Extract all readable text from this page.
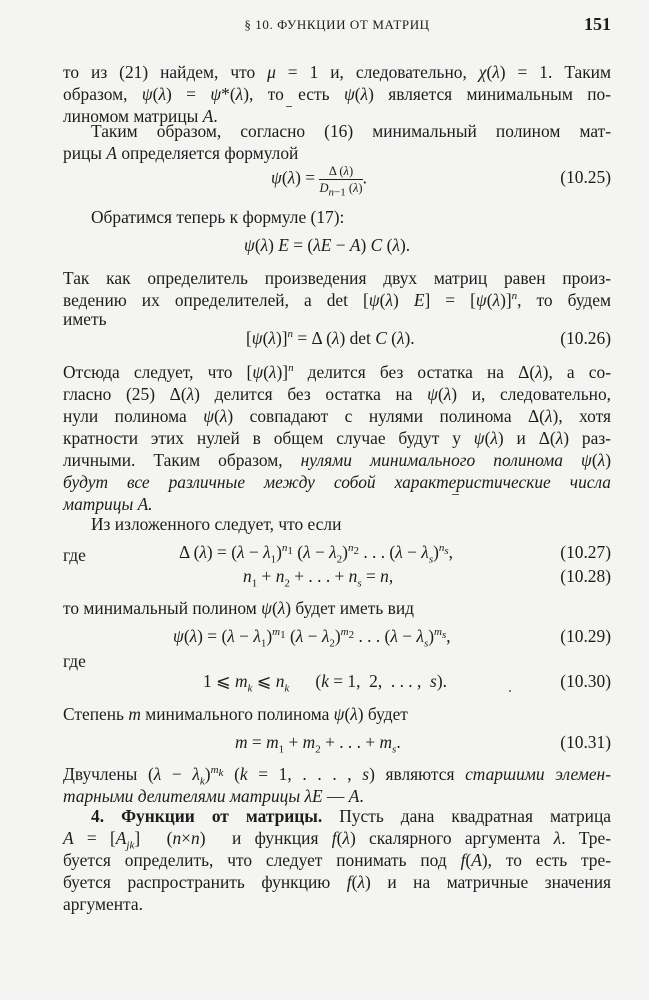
§ 10. ФУНКЦИИ ОТ МАТРИЦ	151
то из (21) найдем, что μ = 1 и, следовательно, χ(λ) = 1. Таким
образом, ψ(λ) = ψ*(λ), то есть ψ(λ) является минимальным по-
линомом матрицы A.
Таким образом, согласно (16) минимальный полином мат-
рицы A определяется формулой
$\psi(\lambda) = \frac{\Delta (\lambda)}{D_{n-1} (\lambda)}$ .	(10.25)
Обратимся теперь к формуле (17):
ψ(λ) E = (λE − A) C (λ).
Так как определитель произведения двух матриц равен произ-
ведению их определителей, а det [ψ(λ) $E] = [\psi(\lambda)]^n$, то будем
иметь
$[\psi(\lambda)]^n = \Delta$ (λ) det C (λ).	(10.26)
Отсюда следует, что $[\psi(\lambda)]^n$ делится без остатка на Δ(λ), а со-
гласно (25) Δ(λ) делится без остатка на ψ(λ) и, следовательно,
нули полинома ψ(λ) совпадают с нулями полинома Δ(λ), хотя
кратности этих нулей в общем случае будут у ψ(λ) и Δ(λ) раз-
личными. Таким образом, нулями минимального полинома ψ(λ)
будут все различные между собой характеристические числа
матрицы A.
Из изложенного следует, что если
Δ $(\lambda) = (\lambda - \lambda_1)^{n_1}$ $(\lambda - \lambda_2)^{n_2}$ . . . $(\lambda - \lambda_s)^{n_s}$,	(10.27)
где
$n_1 + n_2$ + . . . + $n_s = n$,	(10.28)
то минимальный полином ψ(λ) будет иметь вид
$\psi(\lambda) = (\lambda - \lambda_1)^{m_1}$ $(\lambda - \lambda_2)^{m_2}$ . . . $(\lambda - \lambda_s)^{m_s}$,	(10.29)
где
1 ⩽ $m_k$ ⩽ $n_k$      (k = 1,  2,  . . . ,  s).	(10.30)
Степень m минимального полинома ψ(λ) будет
$m = m_1 + m_2$ + . . . + $m_s$.	(10.31)
Двучлены $(\lambda - \lambda_k)^{m_k}$ (k = 1, . . . , s) являются старшими элемен-
тарными делителями матрицы λE — A.
4. Функции от матрицы. Пусть дана квадратная матрица
$A = [A_{jk}]$  (n×n)  и функция f(λ) скалярного аргумента λ. Тре-
буется определить, что следует понимать под f(A), то есть тре-
буется распространить функцию f(λ) и на матричные значения
аргумента.
